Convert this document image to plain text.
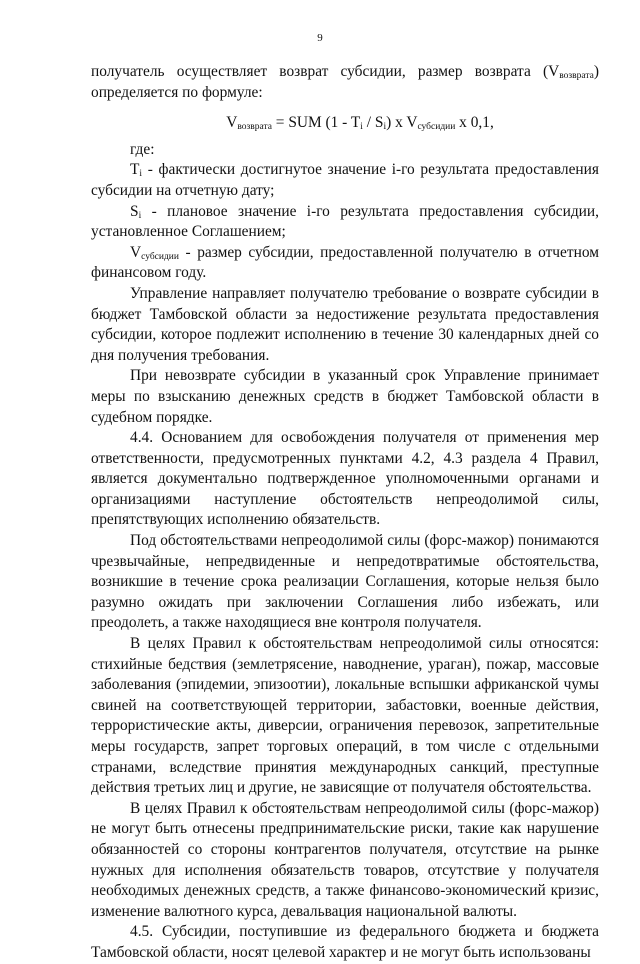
9

получатель осуществляет возврат субсидии, размер возврата $(V_{возврата})$ определяется по формуле:

$V_{возврата}$ = SUM $(1 - T_i / S_i)$ x $V_{субсидии}$ x 0,1,

где:

$T_i$ - фактически достигнутое значение i-го результата предоставления субсидии на отчетную дату;

$S_i$ - плановое значение i-го результата предоставления субсидии, установленное Соглашением;

$V_{субсидии}$ - размер субсидии, предоставленной получателю в отчетном финансовом году.

Управление направляет получателю требование о возврате субсидии в бюджет Тамбовской области за недостижение результата предоставления субсидии, которое подлежит исполнению в течение 30 календарных дней со дня получения требования.

При невозврате субсидии в указанный срок Управление принимает меры по взысканию денежных средств в бюджет Тамбовской области в судебном порядке.

4.4. Основанием для освобождения получателя от применения мер ответственности, предусмотренных пунктами 4.2, 4.3 раздела 4 Правил, является документально подтвержденное уполномоченными органами и организациями наступление обстоятельств непреодолимой силы, препятствующих исполнению обязательств.

Под обстоятельствами непреодолимой силы (форс-мажор) понимаются чрезвычайные, непредвиденные и непредотвратимые обстоятельства, возникшие в течение срока реализации Соглашения, которые нельзя было разумно ожидать при заключении Соглашения либо избежать, или преодолеть, а также находящиеся вне контроля получателя.

В целях Правил к обстоятельствам непреодолимой силы относятся: стихийные бедствия (землетрясение, наводнение, ураган), пожар, массовые заболевания (эпидемии, эпизоотии), локальные вспышки африканской чумы свиней на соответствующей территории, забастовки, военные действия, террористические акты, диверсии, ограничения перевозок, запретительные меры государств, запрет торговых операций, в том числе с отдельными странами, вследствие принятия международных санкций, преступные действия третьих лиц и другие, не зависящие от получателя обстоятельства.

В целях Правил к обстоятельствам непреодолимой силы (форс-мажор) не могут быть отнесены предпринимательские риски, такие как нарушение обязанностей со стороны контрагентов получателя, отсутствие на рынке нужных для исполнения обязательств товаров, отсутствие у получателя необходимых денежных средств, а также финансово-экономический кризис, изменение валютного курса, девальвация национальной валюты.

4.5. Субсидии, поступившие из федерального бюджета и бюджета Тамбовской области, носят целевой характер и не могут быть использованы
